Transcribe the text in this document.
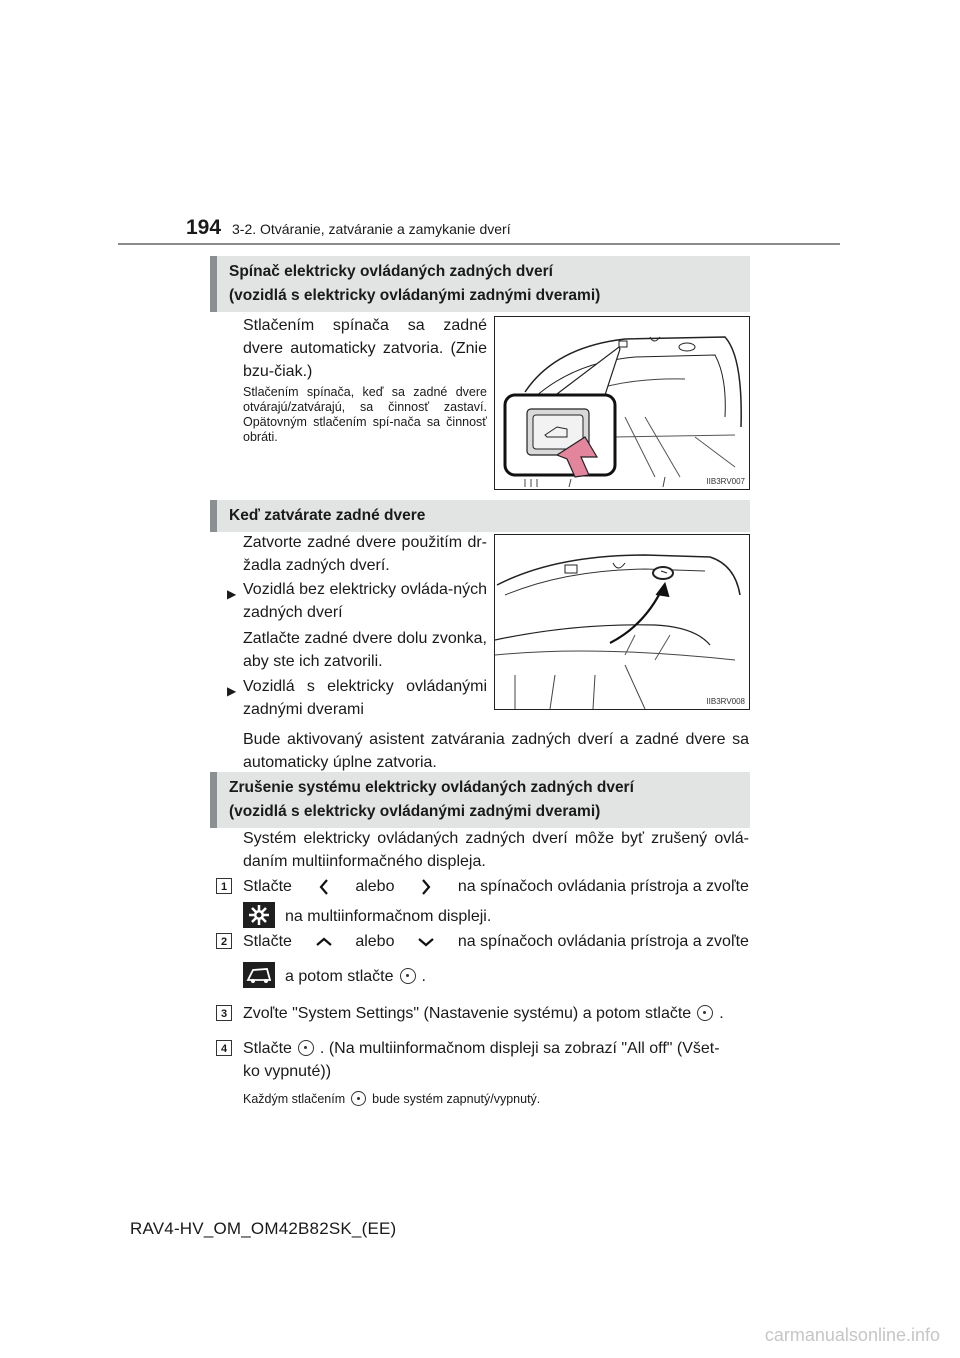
194 3-2. Otváranie, zatváranie a zamykanie dverí
Spínač elektricky ovládaných zadných dverí
(vozidlá s elektricky ovládanými zadnými dverami)
Stlačením spínača sa zadné dvere automaticky zatvoria. (Znie bzu-čiak.)
Stlačením spínača, keď sa zadné dvere otvárajú/zatvárajú, sa činnosť zastaví. Opätovným stlačením spí-nača sa činnosť obráti.
IIB3RV007
Keď zatvárate zadné dvere
Zatvorte zadné dvere použitím dr-žadla zadných dverí.
▶ Vozidlá bez elektricky ovláda-ných zadných dverí
Zatlačte zadné dvere dolu zvonka, aby ste ich zatvorili.
▶ Vozidlá s elektricky ovládanými zadnými dverami	IIB3RV008
Bude aktivovaný asistent zatvárania zadných dverí a zadné dvere sa automaticky úplne zatvoria.
Zrušenie systému elektricky ovládaných zadných dverí
(vozidlá s elektricky ovládanými zadnými dverami)
Systém elektricky ovládaných zadných dverí môže byť zrušený ovlá-daním multiinformačného displeja.
1 Stlačte	alebo	na spínačoch ovládania prístroja a zvoľte
na multiinformačnom displeji.
2 Stlačte	alebo	na spínačoch ovládania prístroja a zvoľte
a potom stlačte .
3 Zvoľte "System Settings" (Nastavenie systému) a potom stlačte .
4 Stlačte . (Na multiinformačnom displeji sa zobrazí "All off" (Všet-
ko vypnuté))
Každým stlačením bude systém zapnutý/vypnutý.
RAV4-HV_OM_OM42B82SK_(EE)
carmanualsonline.info
